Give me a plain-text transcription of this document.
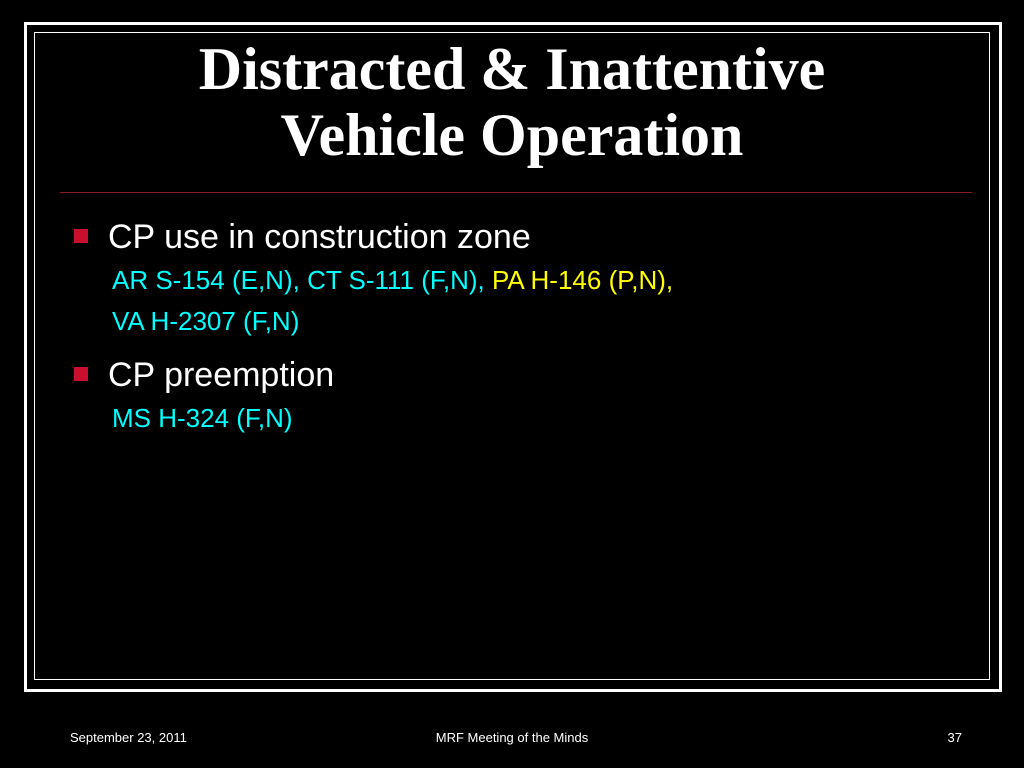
Distracted & Inattentive
Vehicle Operation
CP use in construction zone
AR S-154 (E,N), CT S-111 (F,N), PA H-146 (P,N),
VA H-2307 (F,N)
CP preemption
MS H-324 (F,N)
September 23, 2011	MRF Meeting of the Minds	37
